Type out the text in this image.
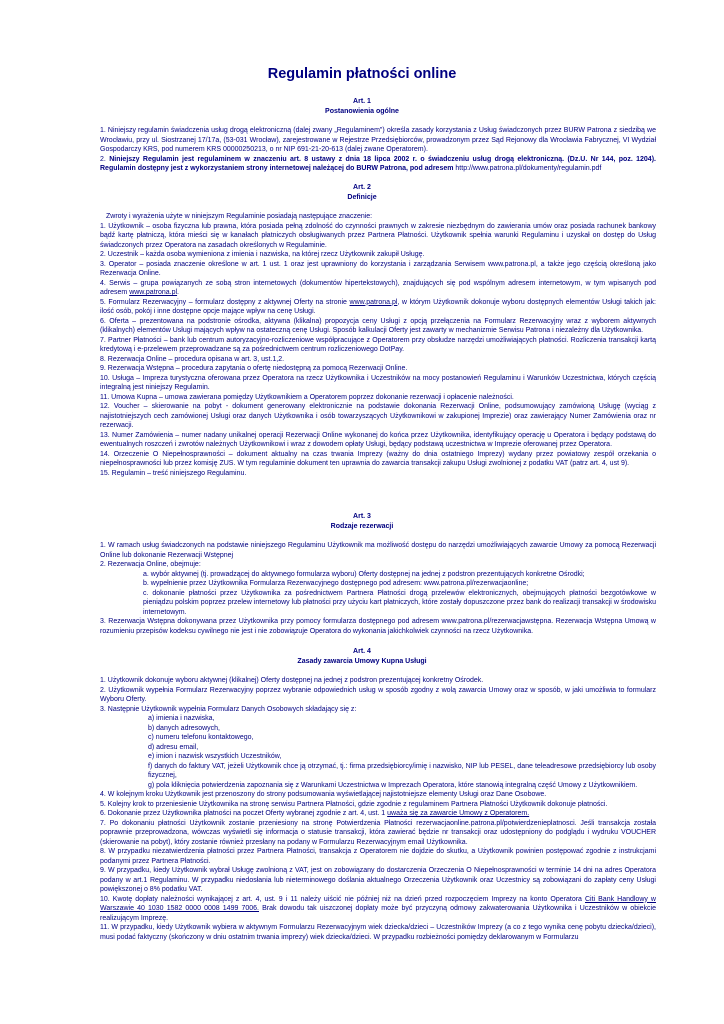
Regulamin płatności online
Art. 1
Postanowienia ogólne

1. Niniejszy regulamin świadczenia usług drogą elektroniczną (dalej zwany „Regulaminem") określa zasady korzystania z Usług świadczonych przez BURW Patrona z siedzibą we Wrocławiu, przy ul. Siostrzanej 17/17a, (53-031 Wrocław), zarejestrowane w Rejestrze Przedsiębiorców, prowadzonym przez Sąd Rejonowy dla Wrocławia Fabrycznej, VI Wydział Gospodarczy KRS, pod numerem KRS 00000250213, o nr NIP 691-21-20-613 (dalej zwane Operatorem).

2. Niniejszy Regulamin jest regulaminem w znaczeniu art. 8 ustawy z dnia 18 lipca 2002 r. o świadczeniu usług drogą elektroniczną. (Dz.U. Nr 144, poz. 1204). Regulamin dostępny jest z wykorzystaniem strony internetowej należącej do BURW Patrona, pod adresem http://www.patrona.pl/dokumenty/regulamin.pdf

Art. 2
Definicje

Zwroty i wyrażenia użyte w niniejszym Regulaminie posiadają następujące znaczenie:

1. Użytkownik – osoba fizyczna lub prawna, która posiada pełną zdolność do czynności prawnych w zakresie niezbędnym do zawierania umów oraz posiada rachunek bankowy bądź kartę płatniczą, która mieści się w kanałach płatniczych obsługiwanych przez Partnera Płatności. Użytkownik spełnia warunki Regulaminu i uzyskał on dostęp do Usług świadczonych przez Operatora na zasadach określonych w Regulaminie.

2. Uczestnik – każda osoba wymieniona z imienia i nazwiska, na której rzecz Użytkownik zakupił Usługę.

3. Operator – posiada znaczenie określone w art. 1 ust. 1 oraz jest uprawniony do korzystania i zarządzania Serwisem www.patrona.pl, a także jego częścią określoną jako Rezerwacja Online.

4. Serwis – grupa powiązanych ze sobą stron internetowych (dokumentów hipertekstowych), znajdujących się pod wspólnym adresem internetowym, w tym wpisanych pod adresem www.patrona.pl.

5. Formularz Rezerwacyjny – formularz dostępny z aktywnej Oferty na stronie www.patrona.pl, w którym Użytkownik dokonuje wyboru dostępnych elementów Usługi takich jak: ilość osób, pokój i inne dostępne opcje mające wpływ na cenę Usługi.

6. Oferta – prezentowana na podstronie ośrodka, aktywna (klikalna) propozycja ceny Usługi z opcją przełączenia na Formularz Rezerwacyjny wraz z wyborem aktywnych (klikalnych) elementów Usługi mających wpływ na ostateczną cenę Usługi. Sposób kalkulacji Oferty jest zawarty w mechanizmie Serwisu Patrona i niezależny dla Użytkownika.

7. Partner Płatności – bank lub centrum autoryzacyjno-rozliczeniowe współpracujące z Operatorem przy obsłudze narzędzi umożliwiających płatności. Rozliczenia transakcji kartą kredytową i e-przelewem przeprowadzane są za pośrednictwem centrum rozliczeniowego DotPay.

8. Rezerwacja Online – procedura opisana w art. 3, ust.1,2.

9. Rezerwacja Wstępna – procedura zapytania o ofertę niedostępną za pomocą Rezerwacji Online.

10. Usługa – Impreza turystyczna oferowana przez Operatora na rzecz Użytkownika i Uczestników na mocy postanowień Regulaminu i Warunków Uczestnictwa, których częścią integralną jest niniejszy Regulamin.

11. Umowa Kupna – umowa zawierana pomiędzy Użytkownikiem a Operatorem poprzez dokonanie rezerwacji i opłacenie należności.

12. Voucher – skierowanie na pobyt - dokument generowany elektronicznie na podstawie dokonania Rezerwacji Online, podsumowujący zamówioną Usługę (wyciąg z najistotniejszych cech zamówionej Usługi oraz danych Użytkownika i osób towarzyszących Użytkownikowi w zakupionej Imprezie) oraz zawierający Numer Zamówienia oraz nr rezerwacji.

13. Numer Zamówienia – numer nadany unikalnej operacji Rezerwacji Online wykonanej do końca przez Użytkownika, identyfikujący operację u Operatora i będący podstawą do ewentualnych roszczeń i zwrotów należnych Użytkownikowi i wraz z dowodem opłaty Usługi, będący podstawą uczestnictwa w Imprezie oferowanej przez Operatora.

14. Orzeczenie O Niepełnosprawności – dokument aktualny na czas trwania Imprezy (ważny do dnia ostatniego Imprezy) wydany przez powiatowy zespół orzekania o niepełnosprawności lub przez komisję ZUS. W tym regulaminie dokument ten uprawnia do zawarcia transakcji zakupu Usługi zwolnionej z podatku VAT (patrz art. 4, ust 9).

15. Regulamin – treść niniejszego Regulaminu.

Art. 3
Rodzaje rezerwacji

1. W ramach usług świadczonych na podstawie niniejszego Regulaminu Użytkownik ma możliwość dostępu do narzędzi umożliwiających zawarcie Umowy za pomocą Rezerwacji Online lub dokonanie Rezerwacji Wstępnej

2. Rezerwacja Online, obejmuje:

a. wybór aktywnej (tj. prowadzącej do aktywnego formularza wyboru) Oferty dostępnej na jednej z podstron prezentujących konkretne Ośrodki;

b. wypełnienie przez Użytkownika Formularza Rezerwacyjnego dostępnego pod adresem: www.patrona.pl/rezerwacjaonline;

c. dokonanie płatności przez Użytkownika za pośrednictwem Partnera Płatności drogą przelewów elektronicznych, obejmujących płatności bezgotówkowe w pieniądzu polskim poprzez przelew internetowy lub płatności przy użyciu kart płatniczych, które zostały dopuszczone przez bank do realizacji transakcji w środowisku internetowym.

3. Rezerwacja Wstępna dokonywana przez Użytkownika przy pomocy formularza dostępnego pod adresem www.patrona.pl/rezerwacjawstępna. Rezerwacja Wstępna Umową w rozumieniu przepisów kodeksu cywilnego nie jest i nie zobowiązuje Operatora do wykonania jakichkolwiek czynności na rzecz Użytkownika.

Art. 4
Zasady zawarcia Umowy Kupna Usługi

1. Użytkownik dokonuje wyboru aktywnej (klikalnej) Oferty dostępnej na jednej z podstron prezentującej konkretny Ośrodek.

2. Użytkownik wypełnia Formularz Rezerwacyjny poprzez wybranie odpowiednich usług w sposób zgodny z wolą zawarcia Umowy oraz w sposób, w jaki umożliwia to formularz Wyboru Oferty.

3. Następnie Użytkownik wypełnia Formularz Danych Osobowych składający się z:

a) imienia i nazwiska,

b) danych adresowych,

c) numeru telefonu kontaktowego,

d) adresu email,

e) imion i nazwisk wszystkich Uczestników,

f) danych do faktury VAT, jeżeli Użytkownik chce ją otrzymać, tj.: firma przedsiębiorcy/imię i nazwisko, NIP lub PESEL, dane teleadresowe przedsiębiorcy lub osoby fizycznej,

g) pola kliknięcia potwierdzenia zapoznania się z Warunkami Uczestnictwa w Imprezach Operatora, które stanowią integralną część Umowy z Użytkownikiem.

4. W kolejnym kroku Użytkownik jest przenoszony do strony podsumowania wyświetlającej najistotniejsze elementy Usługi oraz Dane Osobowe.

5. Kolejny krok to przeniesienie Użytkownika na stronę serwisu Partnera Płatności, gdzie zgodnie z regulaminem Partnera Płatności Użytkownik dokonuje płatności.

6. Dokonanie przez Użytkownika płatności na poczet Oferty wybranej zgodnie z art. 4, ust. 1 uważa się za zawarcie Umowy z Operatorem.

7. Po dokonaniu płatności Użytkownik zostanie przeniesiony na stronę Potwierdzenia Płatności rezerwacjaonline.patrona.pl/potwierdzenieplatnosci. Jeśli transakcja została poprawnie przeprowadzona, wówczas wyświetli się informacja o statusie transakcji, która zawierać będzie nr transakcji oraz udostępniony do podglądu i wydruku VOUCHER (skierowanie na pobyt), który zostanie również przesłany na podany w Formularzu Rezerwacyjnym email Użytkownika.

8. W przypadku niezatwierdzenia płatności przez Partnera Płatności, transakcja z Operatorem nie dojdzie do skutku, a Użytkownik powinien postępować zgodnie z instrukcjami podanymi przez Partnera Płatności.

9. W przypadku, kiedy Użytkownik wybrał Usługę zwolnioną z VAT, jest on zobowiązany do dostarczenia Orzeczenia O Niepełnosprawności w terminie 14 dni na adres Operatora podany w art.1 Regulaminu. W przypadku niedosłania lub nieterminowego doślania aktualnego Orzeczenia Użytkownik oraz Uczestnicy są zobowiązani do zapłaty ceny Usługi powiększonej o 8% podatku VAT.

10. Kwotę dopłaty należności wynikającej z art. 4, ust. 9 i 11 należy uiścić nie później niż na dzień przed rozpoczęciem Imprezy na konto Operatora Citi Bank Handlowy w Warszawie 40 1030 1582 0000 0008 1499 7006. Brak dowodu tak uiszczonej dopłaty może być przyczyną odmowy zakwaterowania Użytkownika i Uczestników w obiekcie realizującym Imprezę.

11. W przypadku, kiedy Użytkownik wybiera w aktywnym Formularzu Rezerwacyjnym wiek dziecka/dzieci – Uczestników Imprezy (a co z tego wynika cenę pobytu dziecka/dzieci), musi podać faktyczny (skończony w dniu ostatnim trwania imprezy) wiek dziecka/dzieci. W przypadku rozbieżności pomiędzy deklarowanym w Formularzu
